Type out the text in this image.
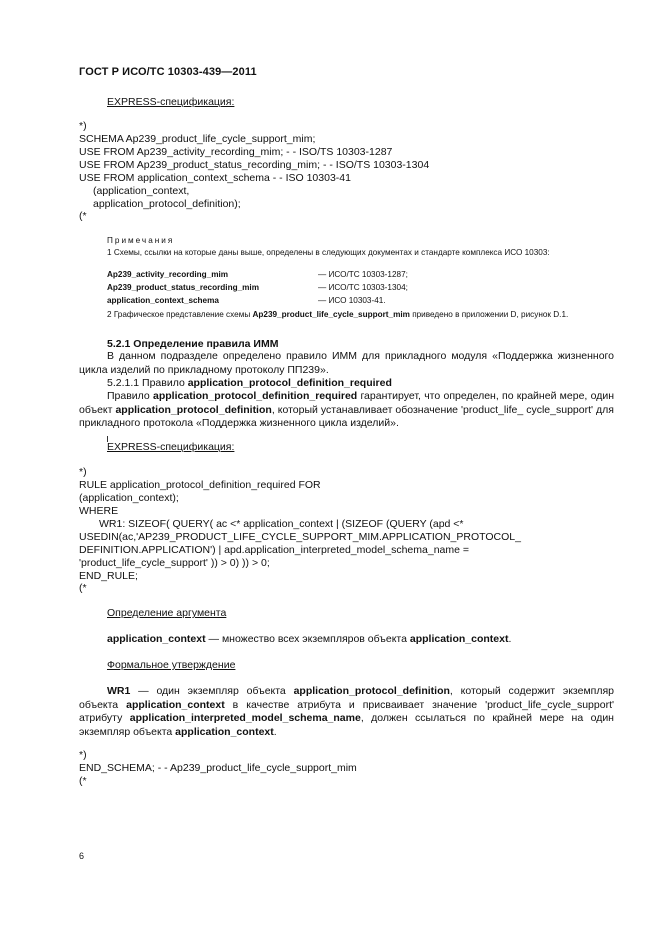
ГОСТ Р ИСО/ТС 10303-439—2011
EXPRESS-спецификация:
*)
SCHEMA Ap239_product_life_cycle_support_mim;
USE FROM Ap239_activity_recording_mim; - - ISO/TS 10303-1287
USE FROM Ap239_product_status_recording_mim; - - ISO/TS 10303-1304
USE FROM application_context_schema - - ISO 10303-41
(application_context,
application_protocol_definition);
(*
Примечания
1 Схемы, ссылки на которые даны выше, определены в следующих документах и стандарте комплекса ИСО 10303:
Ap239_activity_recording_mim	— ИСО/ТС 10303-1287;
Ap239_product_status_recording_mim	— ИСО/ТС 10303-1304;
application_context_schema	— ИСО 10303-41.
2 Графическое представление схемы Ap239_product_life_cycle_support_mim приведено в приложении D, рисунок D.1.
5.2.1 Определение правила ИММ
В данном подразделе определено правило ИММ для прикладного модуля «Поддержка жизненного цикла изделий по прикладному протоколу ПП239».
5.2.1.1 Правило application_protocol_definition_required
Правило application_protocol_definition_required гарантирует, что определен, по крайней мере, один объект application_protocol_definition, который устанавливает обозначение 'product_life_ cycle_support' для прикладного протокола «Поддержка жизненного цикла изделий».
EXPRESS-спецификация:
*)
RULE application_protocol_definition_required FOR
(application_context);
WHERE
WR1: SIZEOF( QUERY( ac <* application_context | (SIZEOF (QUERY (apd <*
USEDIN(ac,'AP239_PRODUCT_LIFE_CYCLE_SUPPORT_MIM.APPLICATION_PROTOCOL_
DEFINITION.APPLICATION') | apd.application_interpreted_model_schema_name =
'product_life_cycle_support' )) > 0) )) > 0;
END_RULE;
(*
Определение аргумента
application_context — множество всех экземпляров объекта application_context.
Формальное утверждение
WR1 — один экземпляр объекта application_protocol_definition, который содержит экземпляр объекта application_context в качестве атрибута и присваивает значение 'product_life_cycle_support' атрибуту application_interpreted_model_schema_name, должен ссылаться по крайней мере на один экземпляр объекта application_context.
*)
END_SCHEMA; - - Ap239_product_life_cycle_support_mim
(*
6
